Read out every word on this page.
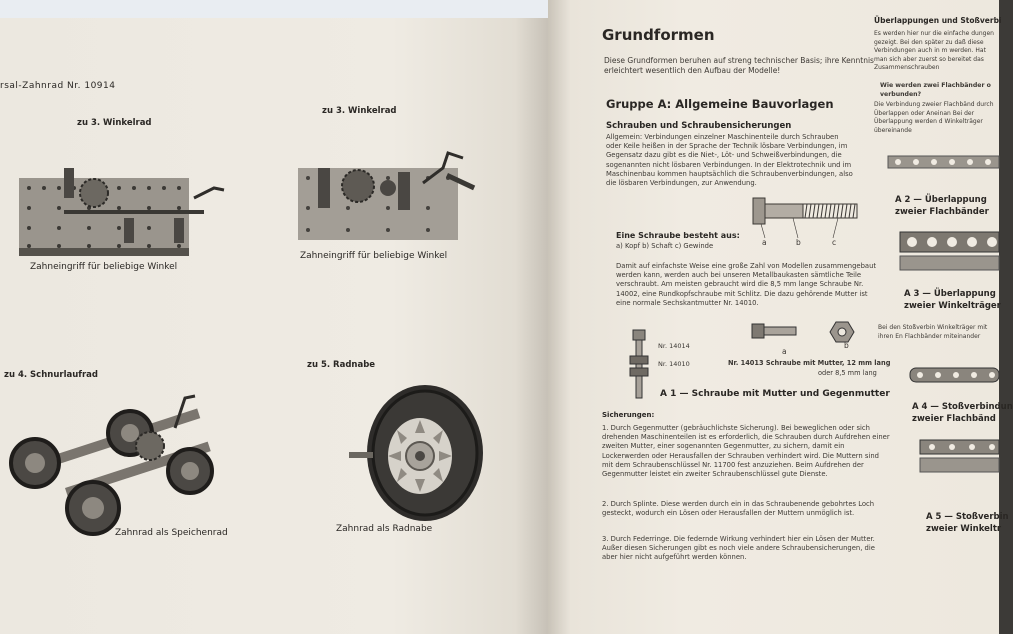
rsal-Zahnrad Nr. 10914
zu 3. Winkelrad
zu 3. Winkelrad
Zahneingriff für beliebige Winkel
Zahneingriff für beliebige Winkel
zu 4. Schnurlaufrad
zu 5. Radnabe
Zahnrad als Speichenrad	Zahnrad als Radnabe
Grundformen
Diese Grundformen beruhen auf streng technischer Basis; ihre Kenntnis erleichtert wesentlich den Aufbau der Modelle!
Gruppe A: Allgemeine Bauvorlagen
Schrauben und Schraubensicherungen
Allgemein: Verbindungen einzelner Maschinenteile durch Schrauben oder Keile heißen in der Sprache der Technik lösbare Verbindungen, im Gegensatz dazu gibt es die Niet-, Löt- und Schweißverbindungen, die sogenannten nicht lösbaren Verbindungen. In der Elektrotechnik und im Maschinenbau kommen hauptsächlich die Schraubenverbindungen, also die lösbaren Verbindungen, zur Anwendung.
a	b	c
Eine Schraube besteht aus:
a) Kopf b) Schaft c) Gewinde
Damit auf einfachste Weise eine große Zahl von Modellen zusammengebaut werden kann, werden auch bei unseren Metallbaukasten sämtliche Teile verschraubt. Am meisten gebraucht wird die 8,5 mm lange Schraube Nr. 14002, eine Rundkopfschraube mit Schlitz. Die dazu gehörende Mutter ist eine normale Sechskantmutter Nr. 14010.
Nr. 14014
Nr. 14010
a
b
Nr. 14013 Schraube mit Mutter, 12 mm lang
oder 8,5 mm lang
A 1 — Schraube mit Mutter und Gegenmutter
Sicherungen:
1. Durch Gegenmutter (gebräuchlichste Sicherung). Bei beweglichen oder sich drehenden Maschinenteilen ist es erforderlich, die Schrauben durch Aufdrehen einer zweiten Mutter, einer sogenannten Gegenmutter, zu sichern, damit ein Lockerwerden oder Herausfallen der Schrauben verhindert wird. Die Muttern sind mit dem Schraubenschlüssel Nr. 11700 fest anzuziehen. Beim Aufdrehen der Gegenmutter leistet ein zweiter Schraubenschlüssel gute Dienste.
2. Durch Splinte. Diese werden durch ein in das Schraubenende gebohrtes Loch gesteckt, wodurch ein Lösen oder Herausfallen der Muttern unmöglich ist.
3. Durch Federringe. Die federnde Wirkung verhindert hier ein Lösen der Mutter. Außer diesen Sicherungen gibt es noch viele andere Schraubensicherungen, die aber hier nicht aufgeführt werden können.
Überlappungen und Stoßverbi
Es werden hier nur die einfache dungen gezeigt. Bei den später zu daß diese Verbindungen auch in m werden. Hat man sich aber zuerst so bereitet das Zusammenschrauben
Wie werden zwei Flachbänder o verbunden?
Die Verbindung zweier Flachbänd durch Überlappen oder Aneinan Bei der Überlappung werden d Winkelträger übereinande
A 2 — Überlappung
zweier Flachbänder
A 3 — Überlappung
zweier Winkelträger
Bei den Stoßverbin Winkelträger mit ihren En Flachbänder miteinander
A 4 — Stoßverbindun
zweier Flachbänd
A 5 — Stoßverbin
zweier Winkeltr
